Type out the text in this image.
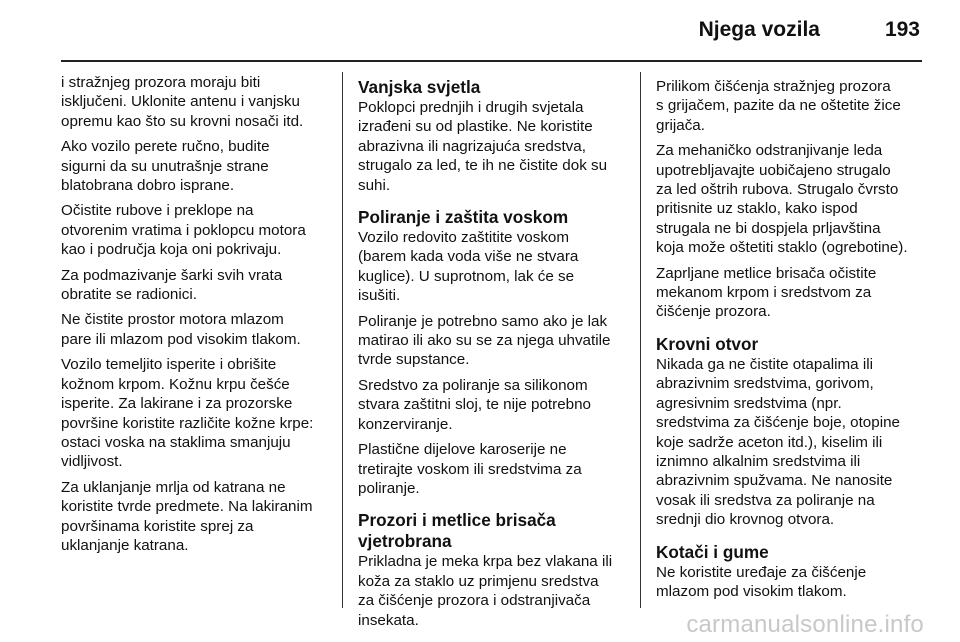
Njega vozila	193

i stražnjeg prozora moraju biti
isključeni. Uklonite antenu i vanjsku
opremu kao što su krovni nosači itd.

Ako vozilo perete ručno, budite
sigurni da su unutrašnje strane
blatobrana dobro isprane.

Očistite rubove i preklope na
otvorenim vratima i poklopcu motora
kao i područja koja oni pokrivaju.

Za podmazivanje šarki svih vrata
obratite se radionici.

Ne čistite prostor motora mlazom
pare ili mlazom pod visokim tlakom.

Vozilo temeljito isperite i obrišite
kožnom krpom. Kožnu krpu češće
isperite. Za lakirane i za prozorske
površine koristite različite kožne krpe:
ostaci voska na staklima smanjuju
vidljivost.

Za uklanjanje mrlja od katrana ne
koristite tvrde predmete. Na lakiranim
površinama koristite sprej za
uklanjanje katrana.

Vanjska svjetla

Poklopci prednjih i drugih svjetala
izrađeni su od plastike. Ne koristite
abrazivna ili nagrizajuća sredstva,
strugalo za led, te ih ne čistite dok su
suhi.

Poliranje i zaštita voskom

Vozilo redovito zaštitite voskom
(barem kada voda više ne stvara
kuglice). U suprotnom, lak će se
isušiti.

Poliranje je potrebno samo ako je lak
matirao ili ako su se za njega uhvatile
tvrde supstance.

Sredstvo za poliranje sa silikonom
stvara zaštitni sloj, te nije potrebno
konzerviranje.

Plastične dijelove karoserije ne
tretirajte voskom ili sredstvima za
poliranje.

Prozori i metlice brisača
vjetrobrana

Prikladna je meka krpa bez vlakana ili
koža za staklo uz primjenu sredstva
za čišćenje prozora i odstranjivača
insekata.

Prilikom čišćenja stražnjeg prozora
s grijačem, pazite da ne oštetite žice
grijača.

Za mehaničko odstranjivanje leda
upotrebljavajte uobičajeno strugalo
za led oštrih rubova. Strugalo čvrsto
pritisnite uz staklo, kako ispod
strugala ne bi dospjela prljavština
koja može oštetiti staklo (ogrebotine).

Zaprljane metlice brisača očistite
mekanom krpom i sredstvom za
čišćenje prozora.

Krovni otvor

Nikada ga ne čistite otapalima ili
abrazivnim sredstvima, gorivom,
agresivnim sredstvima (npr.
sredstvima za čišćenje boje, otopine
koje sadrže aceton itd.), kiselim ili
iznimno alkalnim sredstvima ili
abrazivnim spužvama. Ne nanosite
vosak ili sredstva za poliranje na
srednji dio krovnog otvora.

Kotači i gume

Ne koristite uređaje za čišćenje
mlazom pod visokim tlakom.

carmanualsonline.info
